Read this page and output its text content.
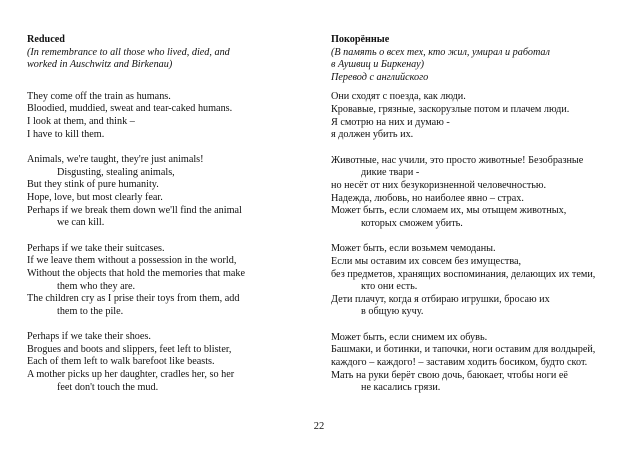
Reduced
(In remembrance to all those who lived, died, and
worked in Auschwitz and Birkenau)
They come off the train as humans.
Bloodied, muddied, sweat and tear-caked humans.
I look at them, and think –
I have to kill them.
Animals, we're taught, they're just animals!
Disgusting, stealing animals,
But they stink of pure humanity.
Hope, love, but most clearly fear.
Perhaps if we break them down we'll find the animal
we can kill.
Perhaps if we take their suitcases.
If we leave them without a possession in the world,
Without the objects that hold the memories that make
them who they are.
The children cry as I prise their toys from them, add
them to the pile.
Perhaps if we take their shoes.
Brogues and boots and slippers, feet left to blister,
Each of them left to walk barefoot like beasts.
A mother picks up her daughter, cradles her, so her
feet don't touch the mud.
Покорённые
(В память о всех тех, кто жил, умирал и работал
в Аушвиц и Биркенау)
Перевод с английского
Они сходят с поезда, как люди.
Кровавые, грязные, заскорузлые потом и плачем люди.
Я смотрю на них и думаю -
я должен убить их.
Животные, нас учили, это просто животные! Безобразные
дикие твари -
но несёт от них безукоризненной человечностью.
Надежда, любовь, но наиболее явно – страх.
Может быть, если сломаем их, мы отыщем животных,
которых сможем убить.
Может быть, если возьмем чемоданы.
Если мы оставим их совсем без имущества,
без предметов, хранящих воспоминания, делающих их теми,
кто они есть.
Дети плачут, когда я отбираю игрушки, бросаю их
в общую кучу.
Может быть, если снимем их обувь.
Башмаки, и ботинки, и тапочки, ноги оставим для волдырей,
каждого – каждого! – заставим ходить босиком, будто скот.
Мать на руки берёт свою дочь, баюкает, чтобы ноги её
не касались грязи.
22
